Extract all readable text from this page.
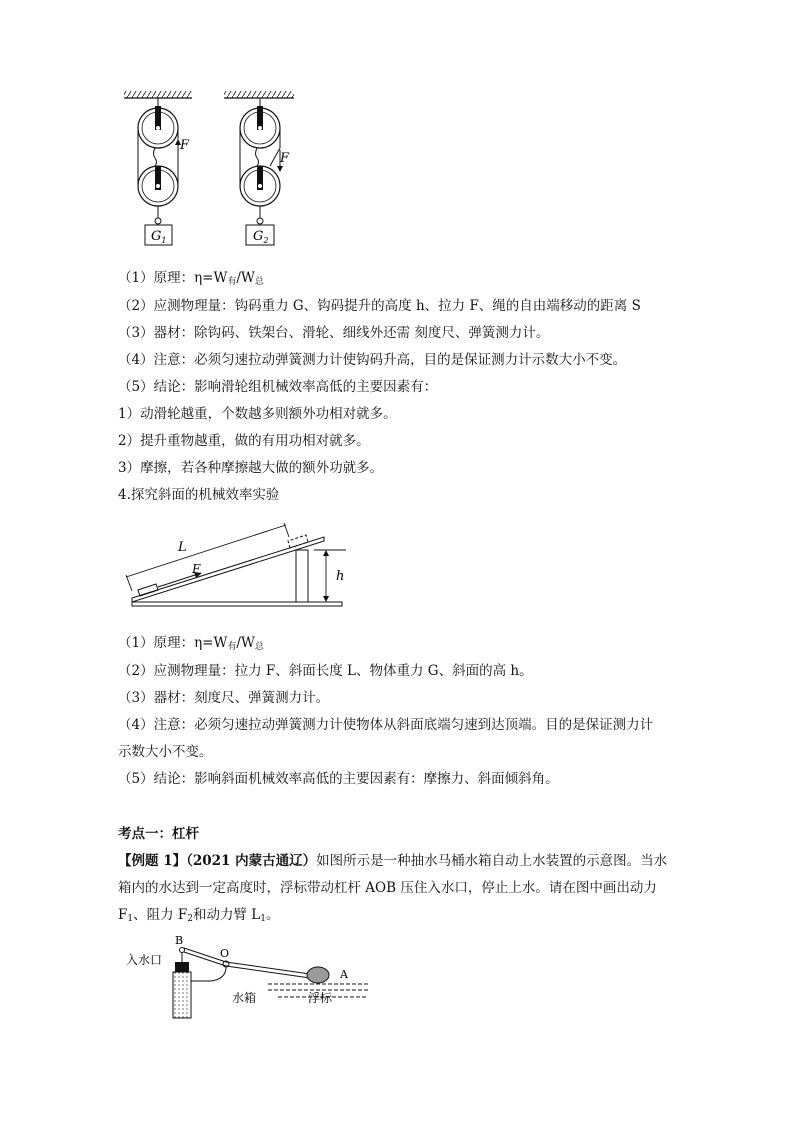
F
F
$G_1$	$G_2$
（1）原理：$\eta=W_有/W_总$
（2）应测物理量：钩码重力 G、钩码提升的高度 h、拉力 F、绳的自由端移动的距离 S
（3）器材：除钩码、铁架台、滑轮、细线外还需 刻度尺、弹簧测力计。
（4）注意：必须匀速拉动弹簧测力计使钩码升高，目的是保证测力计示数大小不变。
（5）结论：影响滑轮组机械效率高低的主要因素有：
1）动滑轮越重，个数越多则额外功相对就多。
2）提升重物越重，做的有用功相对就多。
3）摩擦，若各种摩擦越大做的额外功就多。
4.探究斜面的机械效率实验
L
F	h
（1）原理：$\eta=W_有/W_总$
（2）应测物理量：拉力 F、斜面长度 L、物体重力 G、斜面的高 h。
（3）器材：刻度尺、弹簧测力计。
（4）注意：必须匀速拉动弹簧测力计使物体从斜面底端匀速到达顶端。目的是保证测力计
示数大小不变。
（5）结论：影响斜面机械效率高低的主要因素有：摩擦力、斜面倾斜角。
考点一：杠杆
【例题 1】（2021 内蒙古通辽）如图所示是一种抽水马桶水箱自动上水装置的示意图。当水
箱内的水达到一定高度时，浮标带动杠杆 AOB 压住入水口，停止上水。请在图中画出动力
$F_1$、阻力 $F_2$和动力臂 $L_1$。
B
O
A
入水口
水箱	浮标
